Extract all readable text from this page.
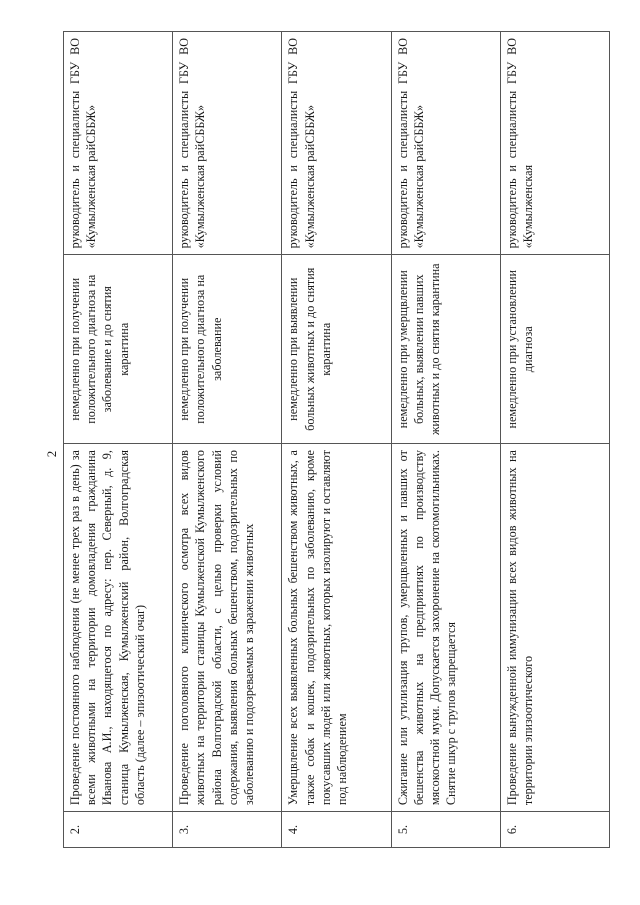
2
2.	Проведение постоянного наблюдения (не менее трех раз в день) за всеми животными на территории домовладения гражданина Иванова А.И., находящегося по адресу: пер. Северный, д. 9, станица Кумылженская, Кумылженский район, Волгоградская область (далее – эпизоотический очаг)	немедленно при получении положительного диагноза на заболевание и до снятия карантина	руководитель и специалисты ГБУ ВО «Кумылженская райСББЖ»
3.	Проведение поголовного клинического осмотра всех видов животных на территории станицы Кумылженской Кумылженского района Волгоградской области, с целью проверки условий содержания, выявления больных бешенством, подозрительных по заболеванию и подозреваемых в заражении животных	немедленно при получении положительного диагноза на заболевание	руководитель и специалисты ГБУ ВО «Кумылженская райСББЖ»
4.	Умерщвление всех выявленных больных бешенством животных, а также собак и кошек, подозрительных по заболеванию, кроме покусавших людей или животных, которых изолируют и оставляют под наблюдением	немедленно при выявлении больных животных и до снятия карантина	руководитель и специалисты ГБУ ВО «Кумылженская райСББЖ»
5.	Сжигание или утилизация трупов, умерщвленных и павших от бешенства животных на предприятиях по производству мясокостной муки. Допускается захоронение на скотомогильниках. Снятие шкур с трупов запрещается	немедленно при умерщвлении больных, выявлении павших животных и до снятия карантина	руководитель и специалисты ГБУ ВО «Кумылженская райСББЖ»
6.	Проведение вынужденной иммунизации всех видов животных на территории эпизоотического	немедленно при установлении диагноза	руководитель и специалисты ГБУ ВО «Кумылженская
